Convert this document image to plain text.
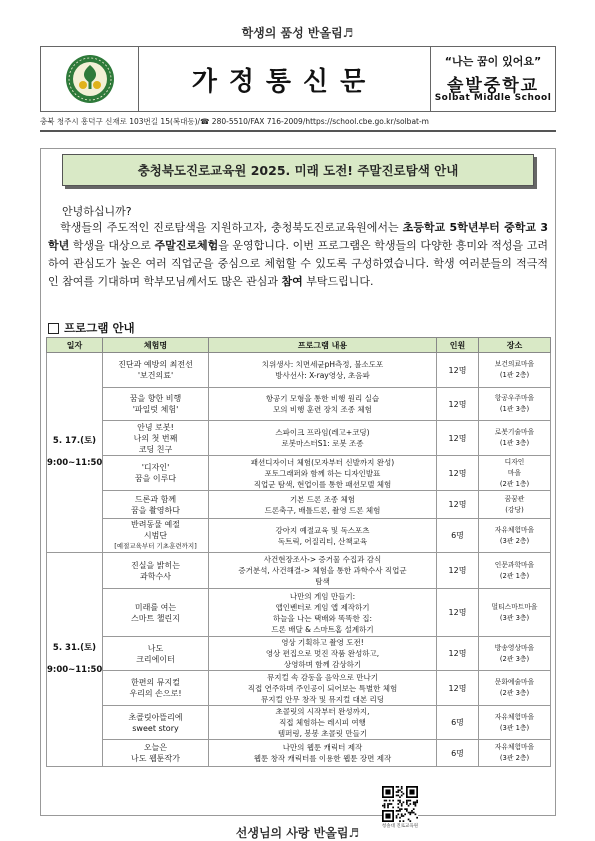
학생의 품성 반올림♬
가정통신문
“나는 꿈이 있어요”
솔발중학교
Solbat Middle School
충북 청주시 흥덕구 신재로 103번길 15(복대동)/☎ 280-5510/FAX 716-2009/https://school.cbe.go.kr/solbat-m
충청북도진로교육원 2025. 미래 도전! 주말진로탐색 안내
안녕하십니까?
학생들의 주도적인 진로탐색을 지원하고자, 충청북도진로교육원에서는 초등학교 5학년부터 중학교 3학년 학생을 대상으로 주말진로체험을 운영합니다. 이번 프로그램은 학생들의 다양한 흥미와 적성을 고려하여 관심도가 높은 여러 직업군을 중심으로 체험할 수 있도록 구성하였습니다. 학생 여러분들의 적극적인 참여를 기대하며 학부모님께서도 많은 관심과 참여 부탁드립니다.
프로그램 안내
일자	체험명	프로그램 내용	인원	장소

5. 17.(토)

9:00~11:50	진단과 예방의 최전선
'보건의료'	치위생사: 치면세균pH측정, 불소도포
방사선사: X-ray영상, 초음파	12명	보건의료마을
(1관 2층)

	꿈을 향한 비행
'파일럿 체험'	항공기 모형을 통한 비행 원리 실습
모의 비행 훈련 장치 조종 체험	12명	항공우주마을
(1관 3층)

	안녕 로봇!
나의 첫 번째
코딩 친구	스파이크 프라임(레고+코딩)
로봇마스터S1: 로봇 조종	12명	로봇기술마을
(1관 3층)

	'디자인'
꿈을 이루다	패션디자이너 체험(모자부터 신발까지 완성)
포토그래퍼와 함께 하는 디자인발표
직업군 탐색, 현업이를 통한 패션모델 체험	12명	디자인
마을
(2관 1층)

	드론과 함께
꿈을 촬영하다	기본 드론 조종 체험
드론축구, 배틀드론, 촬영 드론 체험	12명	꿈꿈관
(강당)

	반려동물 예절
시범단
[예절교육부터 기초훈련까지]	강아지 예절교육 및 독스포츠
독트릭, 어질리티, 산책교육	6명	자유체험마을
(3관 2층)

5. 31.(토)

9:00~11:50	진실을 밝히는
과학수사	사건현장조사-> 증거물 수집과 감식
증거분석, 사건해결-> 체험을 통한 과학수사 직업군
탐색	12명	인문과학마을
(2관 1층)

	미래를 여는
스마트 챌린지	나만의 게임 만들기:
앱인벤터로 게임 앱 제작하기
하늘을 나는 택배와 똑똑한 집:
드론 배달 & 스마트홈 설계하기	12명	멀티스마트마을
(3관 3층)

	나도
크리에이터	영상 기획하고 촬영 도전!
영상 편집으로 멋진 작품 완성하고,
상영하며 함께 감상하기	12명	방송영상마을
(2관 3층)

	한편의 뮤지컬
우리의 손으로!	뮤지컬 속 감동을 음악으로 만나기
직접 연주하며 주인공이 되어보는 특별한 체험
뮤지컬 안무 창작 및 뮤지컬 대본 리딩	12명	문화예술마을
(2관 3층)

	초콜릿아뜰리에
sweet story	초콜릿의 시작부터 완성까지,
직접 체험하는 레시피 여행
템퍼링, 봉봉 초콜릿 만들기	6명	자유체험마을
(3관 1층)

	오늘은
나도 웹툰작가	나만의 웹툰 캐릭터 제작
웹툰 창작 캐릭터를 이용한 웹툰 장면 제작	6명	자유체험마을
(3관 2층)
선생님의 사랑 반올림♬	청솔대 진로교육원
